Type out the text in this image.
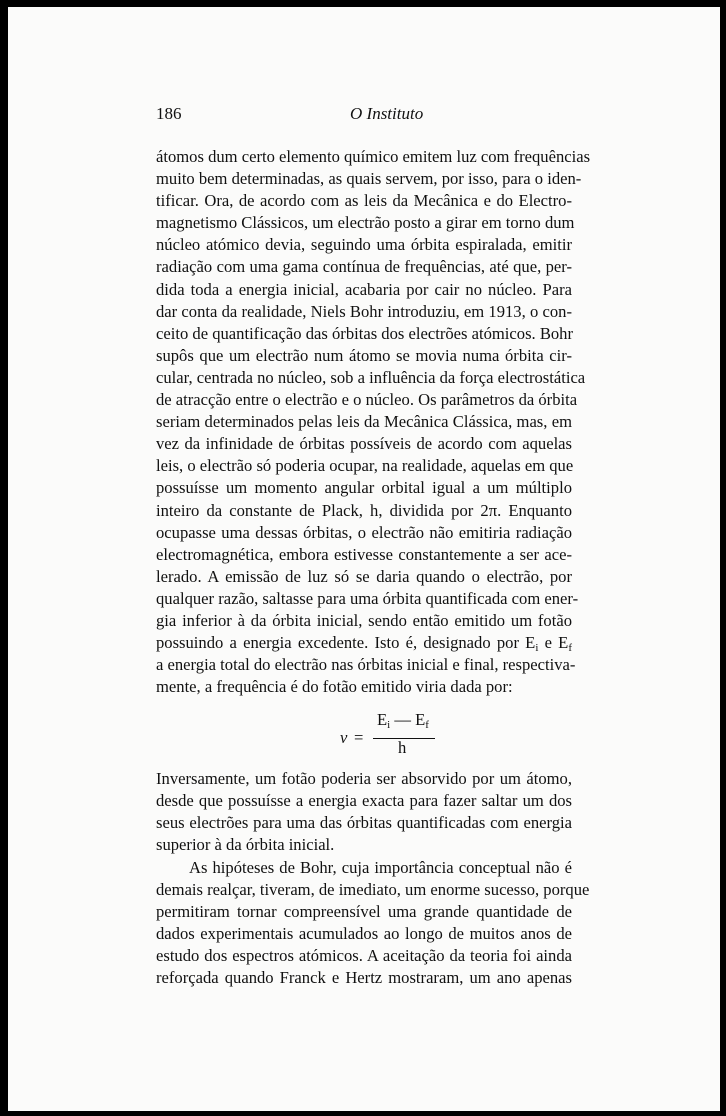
186	O Instituto
átomos dum certo elemento químico emitem luz com frequências
muito bem determinadas, as quais servem, por isso, para o iden-
tificar. Ora, de acordo com as leis da Mecânica e do Electro-
magnetismo Clássicos, um electrão posto a girar em torno dum
núcleo atómico devia, seguindo uma órbita espiralada, emitir
radiação com uma gama contínua de frequências, até que, per-
dida toda a energia inicial, acabaria por cair no núcleo. Para
dar conta da realidade, Niels Bohr introduziu, em 1913, o con-
ceito de quantificação das órbitas dos electrões atómicos. Bohr
supôs que um electrão num átomo se movia numa órbita cir-
cular, centrada no núcleo, sob a influência da força electrostática
de atracção entre o electrão e o núcleo. Os parâmetros da órbita
seriam determinados pelas leis da Mecânica Clássica, mas, em
vez da infinidade de órbitas possíveis de acordo com aquelas
leis, o electrão só poderia ocupar, na realidade, aquelas em que
possuísse um momento angular orbital igual a um múltiplo
inteiro da constante de Plack, h, dividida por 2π. Enquanto
ocupasse uma dessas órbitas, o electrão não emitiria radiação
electromagnética, embora estivesse constantemente a ser ace-
lerado. A emissão de luz só se daria quando o electrão, por
qualquer razão, saltasse para uma órbita quantificada com ener-
gia inferior à da órbita inicial, sendo então emitido um fotão
possuindo a energia excedente. Isto é, designado por $E_i$ e $E_f$
a energia total do electrão nas órbitas inicial e final, respectiva-
mente, a frequência é do fotão emitido viria dada por:
ν =
$E_i$ — $E_f$
h
Inversamente, um fotão poderia ser absorvido por um átomo,
desde que possuísse a energia exacta para fazer saltar um dos
seus electrões para uma das órbitas quantificadas com energia
superior à da órbita inicial.
As hipóteses de Bohr, cuja importância conceptual não é
demais realçar, tiveram, de imediato, um enorme sucesso, porque
permitiram tornar compreensível uma grande quantidade de
dados experimentais acumulados ao longo de muitos anos de
estudo dos espectros atómicos. A aceitação da teoria foi ainda
reforçada quando Franck e Hertz mostraram, um ano apenas
